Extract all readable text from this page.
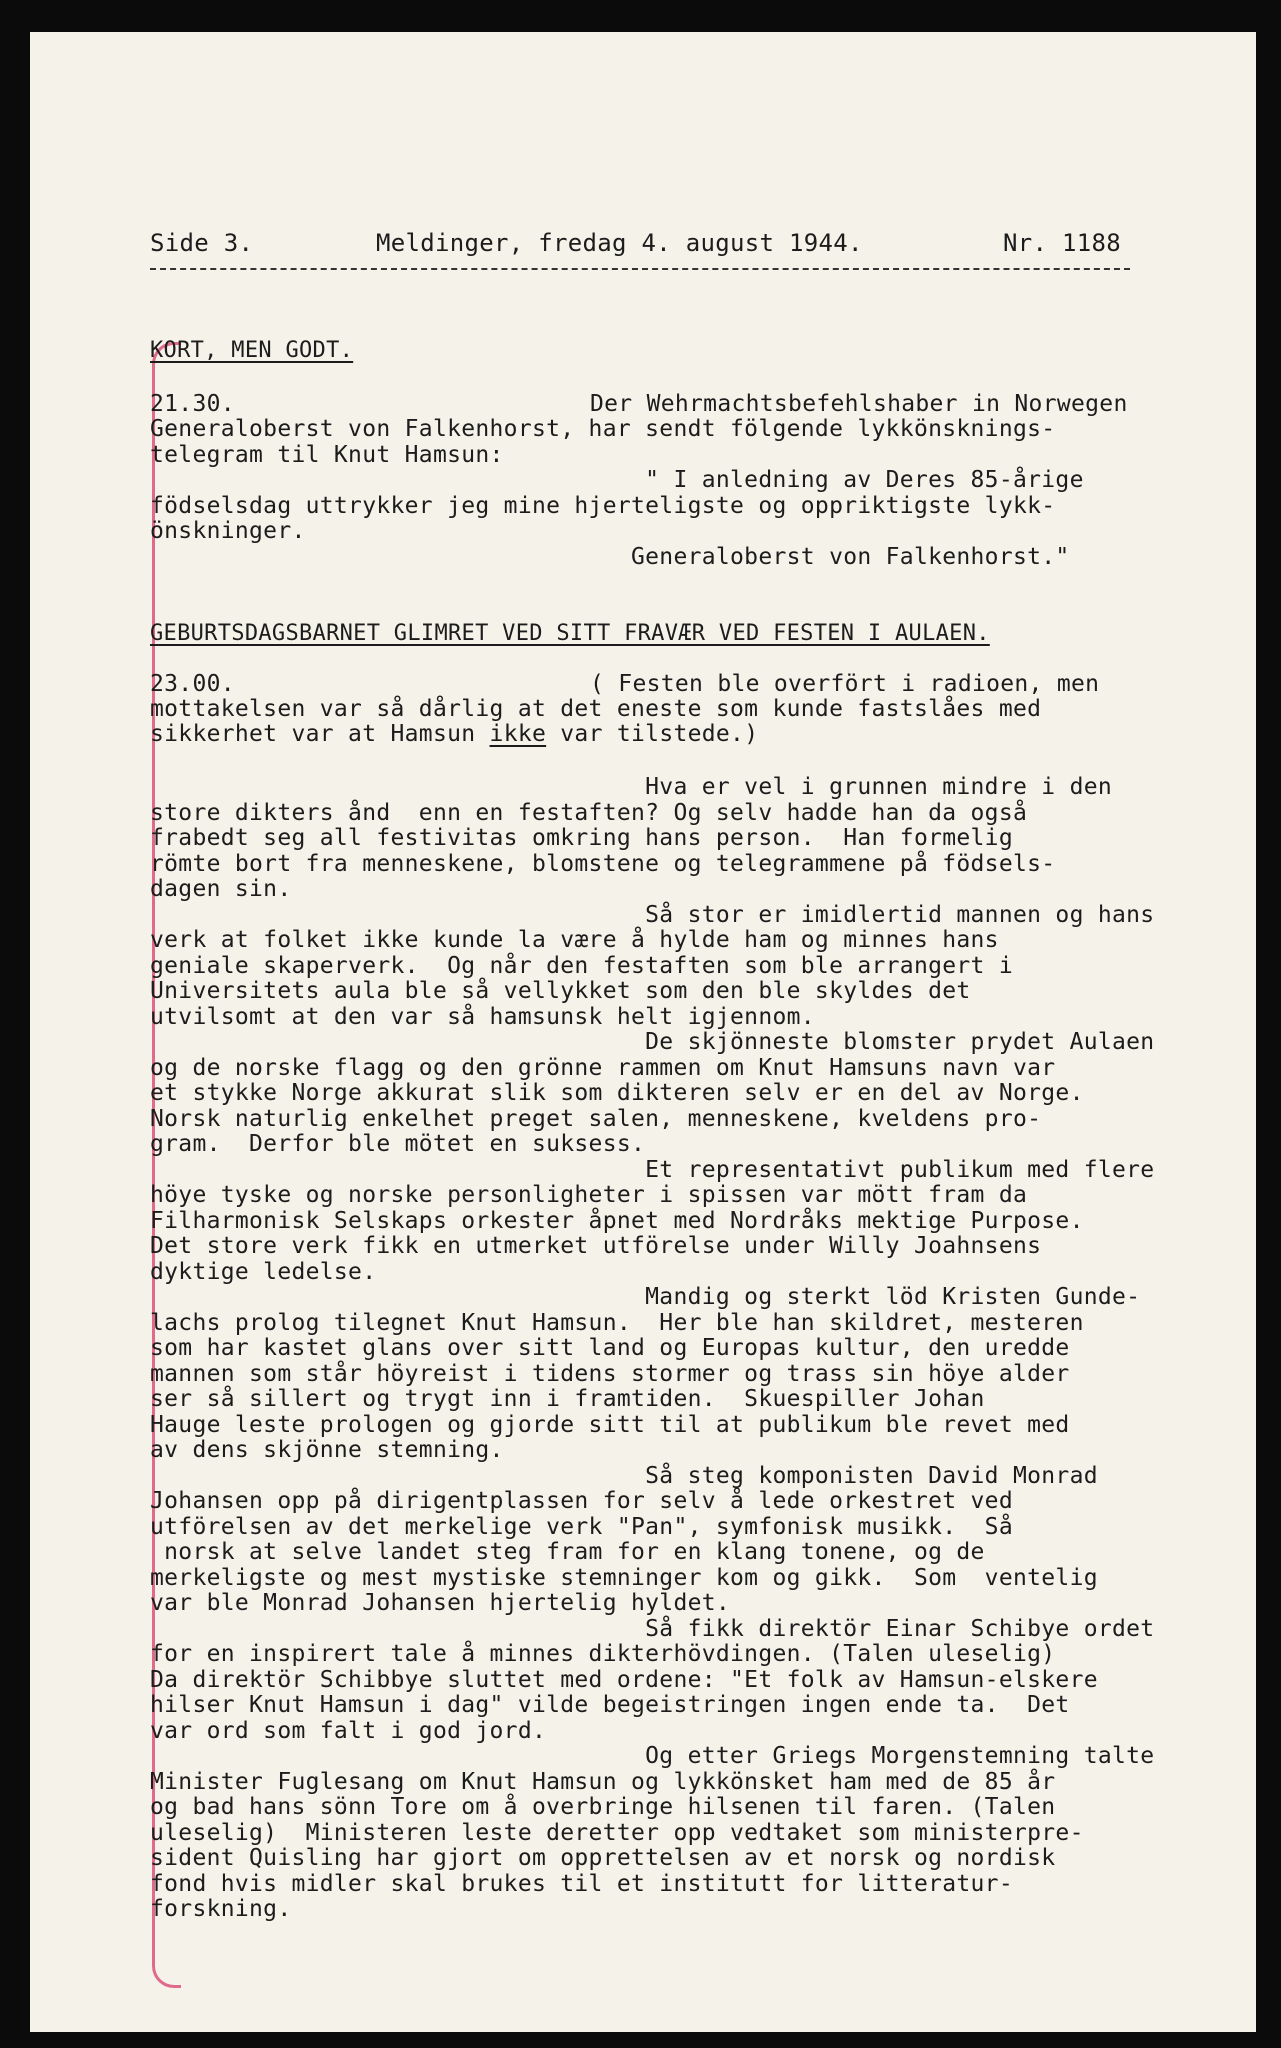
Side 3.	Meldinger, fredag 4. august 1944.	Nr. 1188

KORT, MEN GODT.

21.30.	Der Wehrmachtsbefehlshaber in Norwegen

Generaloberst von Falkenhorst, har sendt fölgende lykkönsknings-
telegram til Knut Hamsun:
" I anledning av Deres 85-årige
födselsdag uttrykker jeg mine hjerteligste og oppriktigste lykk-
önskninger.
Generaloberst von Falkenhorst."

GEBURTSDAGSBARNET GLIMRET VED SITT FRAVÆR VED FESTEN I AULAEN.

23.00.	( Festen ble overfört i radioen, men

mottakelsen var så dårlig at det eneste som kunde fastslåes med

sikkerhet var at Hamsun ikke var tilstede.)

Hva er vel i grunnen mindre i den
store dikters ånd  enn en festaften? Og selv hadde han da også
frabedt seg all festivitas omkring hans person.  Han formelig
römte bort fra menneskene, blomstene og telegrammene på födsels-
dagen sin.
Så stor er imidlertid mannen og hans
verk at folket ikke kunde la være å hylde ham og minnes hans
geniale skaperverk.  Og når den festaften som ble arrangert i
Universitets aula ble så vellykket som den ble skyldes det
utvilsomt at den var så hamsunsk helt igjennom.
De skjönneste blomster prydet Aulaen
og de norske flagg og den grönne rammen om Knut Hamsuns navn var
et stykke Norge akkurat slik som dikteren selv er en del av Norge.
Norsk naturlig enkelhet preget salen, menneskene, kveldens pro-
gram.  Derfor ble mötet en suksess.
Et representativt publikum med flere
höye tyske og norske personligheter i spissen var mött fram da
Filharmonisk Selskaps orkester åpnet med Nordråks mektige Purpose.
Det store verk fikk en utmerket utförelse under Willy Joahnsens
dyktige ledelse.
Mandig og sterkt löd Kristen Gunde-
lachs prolog tilegnet Knut Hamsun.  Her ble han skildret, mesteren
som har kastet glans over sitt land og Europas kultur, den uredde
mannen som står höyreist i tidens stormer og trass sin höye alder
ser så sillert og trygt inn i framtiden.  Skuespiller Johan
Hauge leste prologen og gjorde sitt til at publikum ble revet med
av dens skjönne stemning.
Så steg komponisten David Monrad
Johansen opp på dirigentplassen for selv å lede orkestret ved
utförelsen av det merkelige verk "Pan", symfonisk musikk.  Så
norsk at selve landet steg fram for en klang tonene, og de
merkeligste og mest mystiske stemninger kom og gikk.  Som  ventelig
var ble Monrad Johansen hjertelig hyldet.
Så fikk direktör Einar Schibye ordet
for en inspirert tale å minnes dikterhövdingen. (Talen uleselig)
Da direktör Schibbye sluttet med ordene: "Et folk av Hamsun-elskere
hilser Knut Hamsun i dag" vilde begeistringen ingen ende ta.  Det
var ord som falt i god jord.
Og etter Griegs Morgenstemning talte
Minister Fuglesang om Knut Hamsun og lykkönsket ham med de 85 år
og bad hans sönn Tore om å overbringe hilsenen til faren. (Talen
uleselig)  Ministeren leste deretter opp vedtaket som ministerpre-
sident Quisling har gjort om opprettelsen av et norsk og nordisk
fond hvis midler skal brukes til et institutt for litteratur-
forskning.
